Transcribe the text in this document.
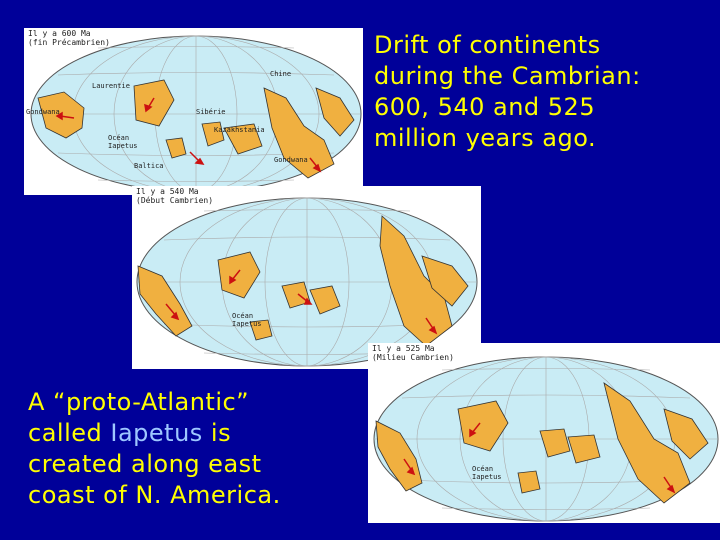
Drift of continents
during the Cambrian:
600, 540 and 525
million years ago.
Laurentie
Gondwana	Sibérie
Chine
Océan
Iapetus
Kazakhstania
Baltica
Gondwana
Il y a 600 Ma
(fin Précambrien)
Océan
Iapetus
Il y a 540 Ma
(Début Cambrien)
Océan
Iapetus
Il y a 525 Ma
(Milieu Cambrien)
A “proto-Atlantic”
called Iapetus is
created along east
coast of N. America.
